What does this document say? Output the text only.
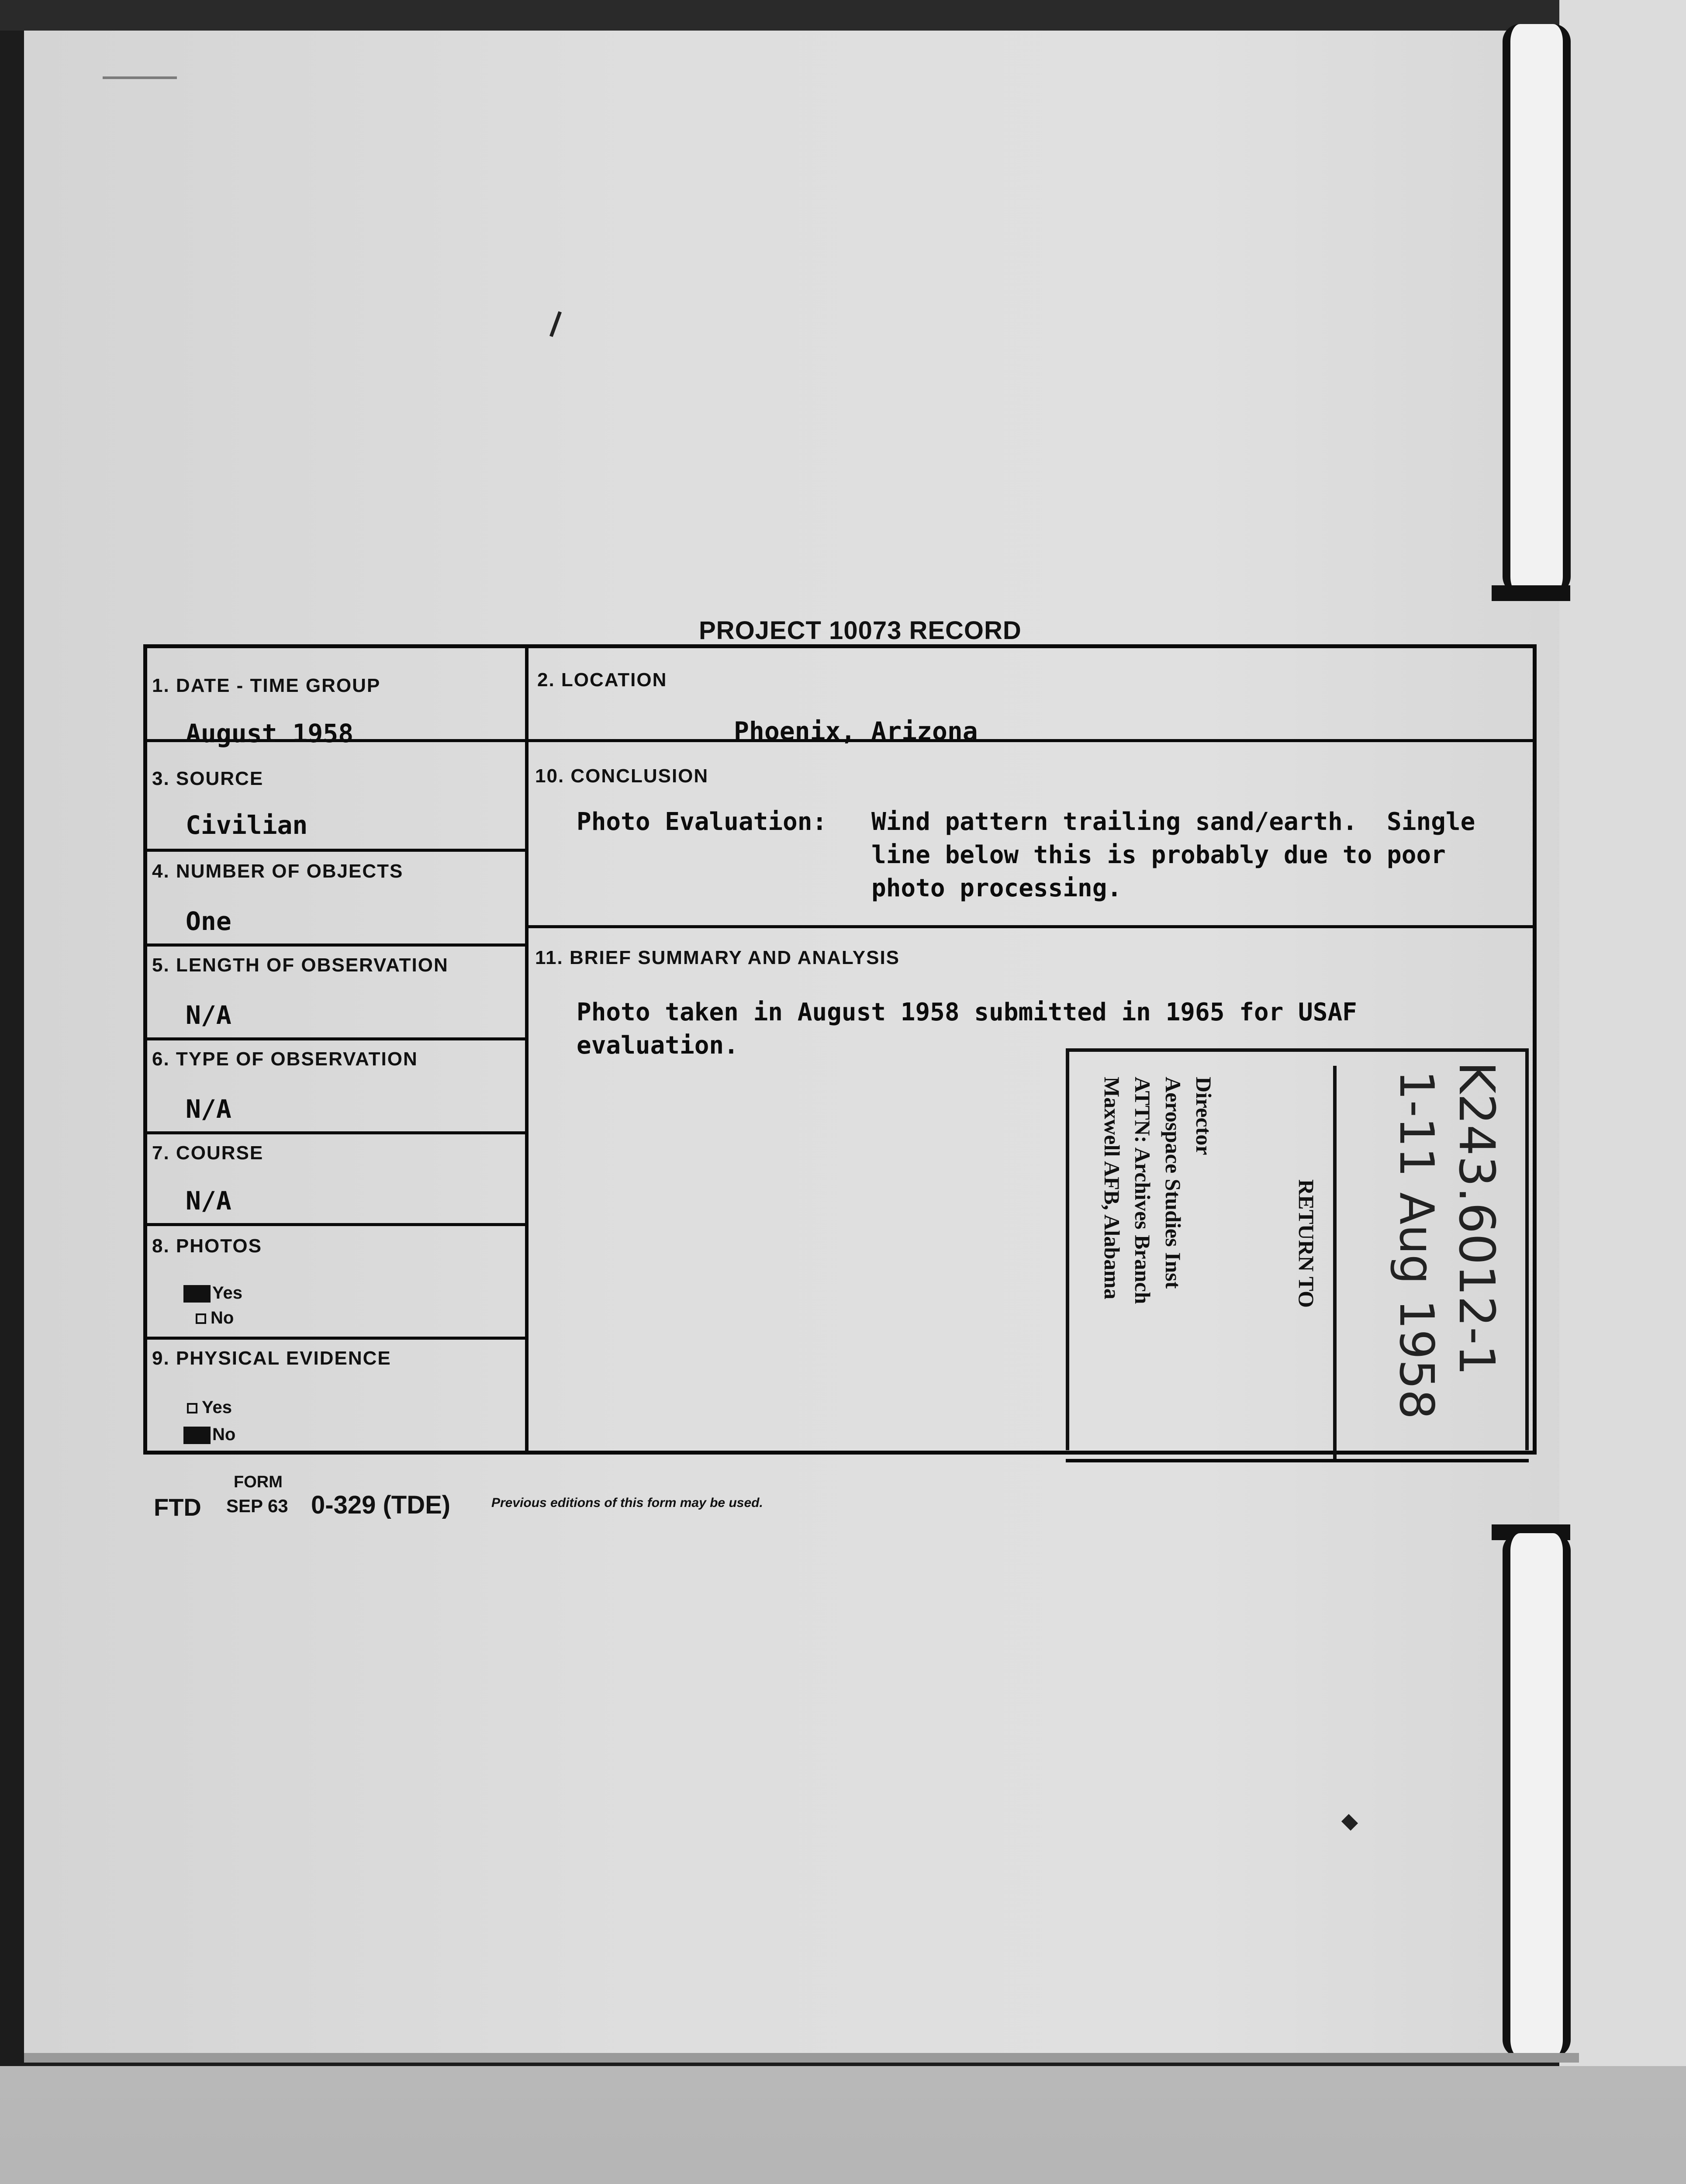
PROJECT 10073 RECORD
1. DATE - TIME GROUP
August 1958
2. LOCATION
Phoenix, Arizona
3. SOURCE
Civilian
4. NUMBER OF OBJECTS
One
5. LENGTH OF OBSERVATION
N/A
6. TYPE OF OBSERVATION
N/A
7. COURSE
N/A
8. PHOTOS
Yes
No
9. PHYSICAL EVIDENCE
Yes
No
10. CONCLUSION
Photo Evaluation: Wind pattern trailing sand/earth.  Single
line below this is probably due to poor
photo processing.
11. BRIEF SUMMARY AND ANALYSIS
Photo taken in August 1958 submitted in 1965 for USAF
evaluation.
Director
Aerospace Studies Inst
ATTN: Archives Branch
Maxwell AFB, Alabama	RETURN TO	K243.6012-1
1-11 Aug 1958
FORM
FTD SEP 63 0-329 (TDE)	Previous editions of this form may be used.
